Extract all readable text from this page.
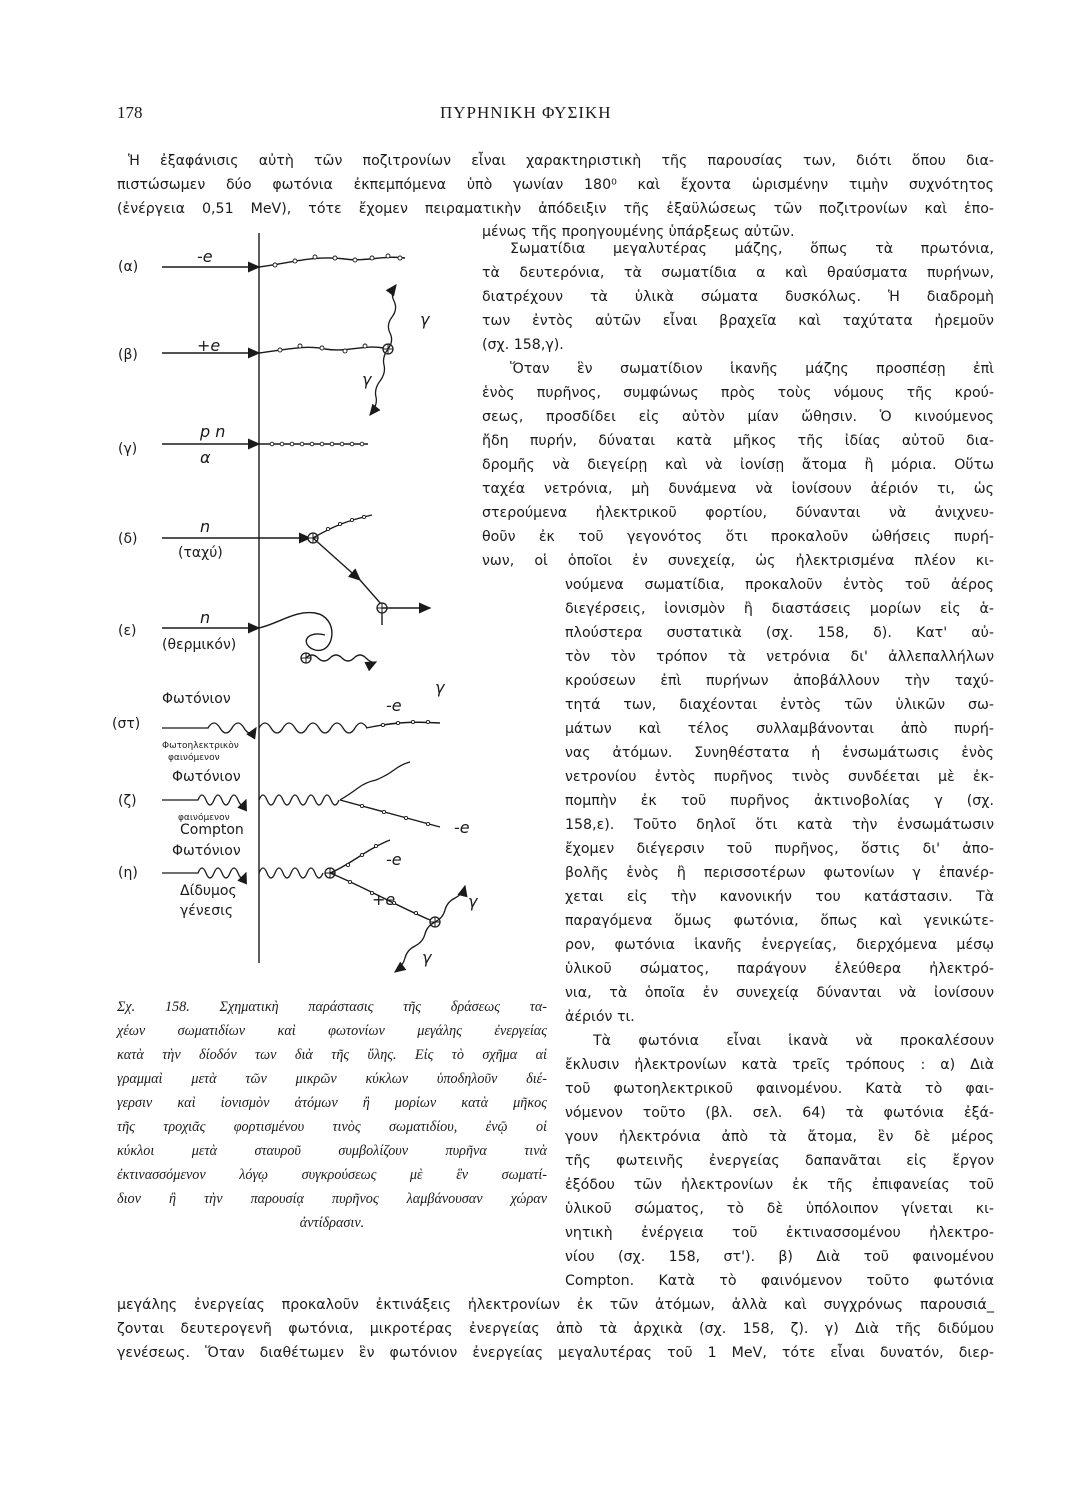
178	ΠΥΡΗΝΙΚΗ ΦΥΣΙΚΗ
Ἡ ἐξαφάνισις αὐτὴ τῶν ποζιτρονίων εἶναι χαρακτηριστικὴ τῆς παρουσίας των, διότι ὅπου δια-
πιστώσωμεν δύο φωτόνια ἐκπεμπόμενα ὑπὸ γωνίαν 180⁰ καὶ ἔχοντα ὡρισμένην τιμὴν συχνότητος
(ἐνέργεια 0,51 MeV), τότε ἔχομεν πειραματικὴν ἀπόδειξιν τῆς ἐξαϋλώσεως τῶν ποζιτρονίων καὶ ἑπο-
μένως τῆς προηγουμένης ὑπάρξεως αὐτῶν.
Σωματίδια μεγαλυτέρας μάζης, ὅπως τὰ πρωτόνια,
τὰ δευτερόνια, τὰ σωματίδια α καὶ θραύσματα πυρήνων,
διατρέχουν τὰ ὑλικὰ σώματα δυσκόλως. Ἡ διαδρομὴ
των ἐντὸς αὐτῶν εἶναι βραχεῖα καὶ ταχύτατα ἠρεμοῦν
(σχ. 158,γ).
Ὅταν ἓν σωματίδιον ἱκανῆς μάζης προσπέσῃ ἐπὶ
ἑνὸς πυρῆνος, συμφώνως πρὸς τοὺς νόμους τῆς κρού-
σεως, προσδίδει εἰς αὐτὸν μίαν ὤθησιν. Ὁ κινούμενος
ἤδη πυρήν, δύναται κατὰ μῆκος τῆς ἰδίας αὐτοῦ δια-
δρομῆς νὰ διεγείρῃ καὶ νὰ ἰονίσῃ ἄτομα ἢ μόρια. Οὕτω
ταχέα νετρόνια, μὴ δυνάμενα νὰ ἰονίσουν ἀέριόν τι, ὡς
στερούμενα ἠλεκτρικοῦ φορτίου, δύνανται νὰ ἀνιχνευ-
θοῦν ἐκ τοῦ γεγονότος ὅτι προκαλοῦν ὠθήσεις πυρή-
νων, οἱ ὁποῖοι ἐν συνεχείᾳ, ὡς ἠλεκτρισμένα πλέον κι-
νούμενα σωματίδια, προκαλοῦν ἐντὸς τοῦ ἀέρος
διεγέρσεις, ἰονισμὸν ἢ διαστάσεις μορίων εἰς ἁ-
πλούστερα συστατικὰ (σχ. 158, δ). Κατ' αὐ-
τὸν τὸν τρόπον τὰ νετρόνια δι' ἀλλεπαλλήλων
κρούσεων ἐπὶ πυρήνων ἀποβάλλουν τὴν ταχύ-
τητά των, διαχέονται ἐντὸς τῶν ὑλικῶν σω-
μάτων καὶ τέλος συλλαμβάνονται ἀπὸ πυρή-
νας ἀτόμων. Συνηθέστατα ἡ ἐνσωμάτωσις ἑνὸς
νετρονίου ἐντὸς πυρῆνος τινὸς συνδέεται μὲ ἐκ-
πομπὴν ἐκ τοῦ πυρῆνος ἀκτινοβολίας γ (σχ.
158,ε). Τοῦτο δηλοῖ ὅτι κατὰ τὴν ἐνσωμάτωσιν
ἔχομεν διέγερσιν τοῦ πυρῆνος, ὅστις δι' ἀπο-
βολῆς ἑνὸς ἢ περισσοτέρων φωτονίων γ ἐπανέρ-
χεται εἰς τὴν κανονικήν του κατάστασιν. Τὰ
παραγόμενα ὅμως φωτόνια, ὅπως καὶ γενικώτε-
ρον, φωτόνια ἱκανῆς ἐνεργείας, διερχόμενα μέσῳ
ὑλικοῦ σώματος, παράγουν ἐλεύθερα ἠλεκτρό-
νια, τὰ ὁποῖα ἐν συνεχείᾳ δύνανται νὰ ἰονίσουν
ἀέριόν τι.
Τὰ φωτόνια εἶναι ἱκανὰ νὰ προκαλέσουν
ἔκλυσιν ἠλεκτρονίων κατὰ τρεῖς τρόπους : α) Διὰ
τοῦ φωτοηλεκτρικοῦ φαινομένου. Κατὰ τὸ φαι-
νόμενον τοῦτο (βλ. σελ. 64) τὰ φωτόνια ἐξά-
γουν ἠλεκτρόνια ἀπὸ τὰ ἄτομα, ἓν δὲ μέρος
τῆς φωτεινῆς ἐνεργείας δαπανᾶται εἰς ἔργον
ἐξόδου τῶν ἠλεκτρονίων ἐκ τῆς ἐπιφανείας τοῦ
ὑλικοῦ σώματος, τὸ δὲ ὑπόλοιπον γίνεται κι-
νητικὴ ἐνέργεια τοῦ ἐκτινασσομένου ἠλεκτρο-
νίου (σχ. 158, στ'). β) Διὰ τοῦ φαινομένου
Compton. Κατὰ τὸ φαινόμενον τοῦτο φωτόνια
μεγάλης ἐνεργείας προκαλοῦν ἐκτινάξεις ἠλεκτρονίων ἐκ τῶν ἀτόμων, ἀλλὰ καὶ συγχρόνως παρουσιά_
ζονται δευτερογενῆ φωτόνια, μικροτέρας ἐνεργείας ἀπὸ τὰ ἀρχικὰ (σχ. 158, ζ). γ) Διὰ τῆς διδύμου
γενέσεως. Ὅταν διαθέτωμεν ἓν φωτόνιον ἐνεργείας μεγαλυτέρας τοῦ 1 MeV, τότε εἶναι δυνατόν, διερ-
Σχ. 158. Σχηματικὴ παράστασις τῆς δράσεως τα-
χέων σωματιδίων καὶ φωτονίων μεγάλης ἐνεργείας
κατὰ τὴν δίοδόν των διὰ τῆς ὕλης. Εἰς τὸ σχῆμα αἱ
γραμμαὶ μετὰ τῶν μικρῶν κύκλων ὑποδηλοῦν διέ-
γερσιν καὶ ἰονισμὸν ἀτόμων ἢ μορίων κατὰ μῆκος
τῆς τροχιᾶς φορτισμένου τινὸς σωματιδίου, ἐνῷ οἱ
κύκλοι μετὰ σταυροῦ συμβολίζουν πυρῆνα τινὰ
ἐκτινασσόμενον λόγῳ συγκρούσεως μὲ ἓν σωματί-
διον ἢ τὴν παρουσίᾳ πυρῆνος λαμβάνουσαν χώραν
ἀντίδρασιν.
(α)
(β)
(γ)
(δ)
(ε)
(στ)
(ζ)
(η)
-e
+e
γ
γ
p n
α
n
(ταχύ)
n
(θερμικόν)
γ
Φωτόνιον
Φωτοηλεκτρικὸν
φαινόμενον
-e
Φωτόνιον
φαινόμενον
Compton	-e
Φωτόνιον
Δίδυμος
γένεσις
-e
+e	γ
γ
